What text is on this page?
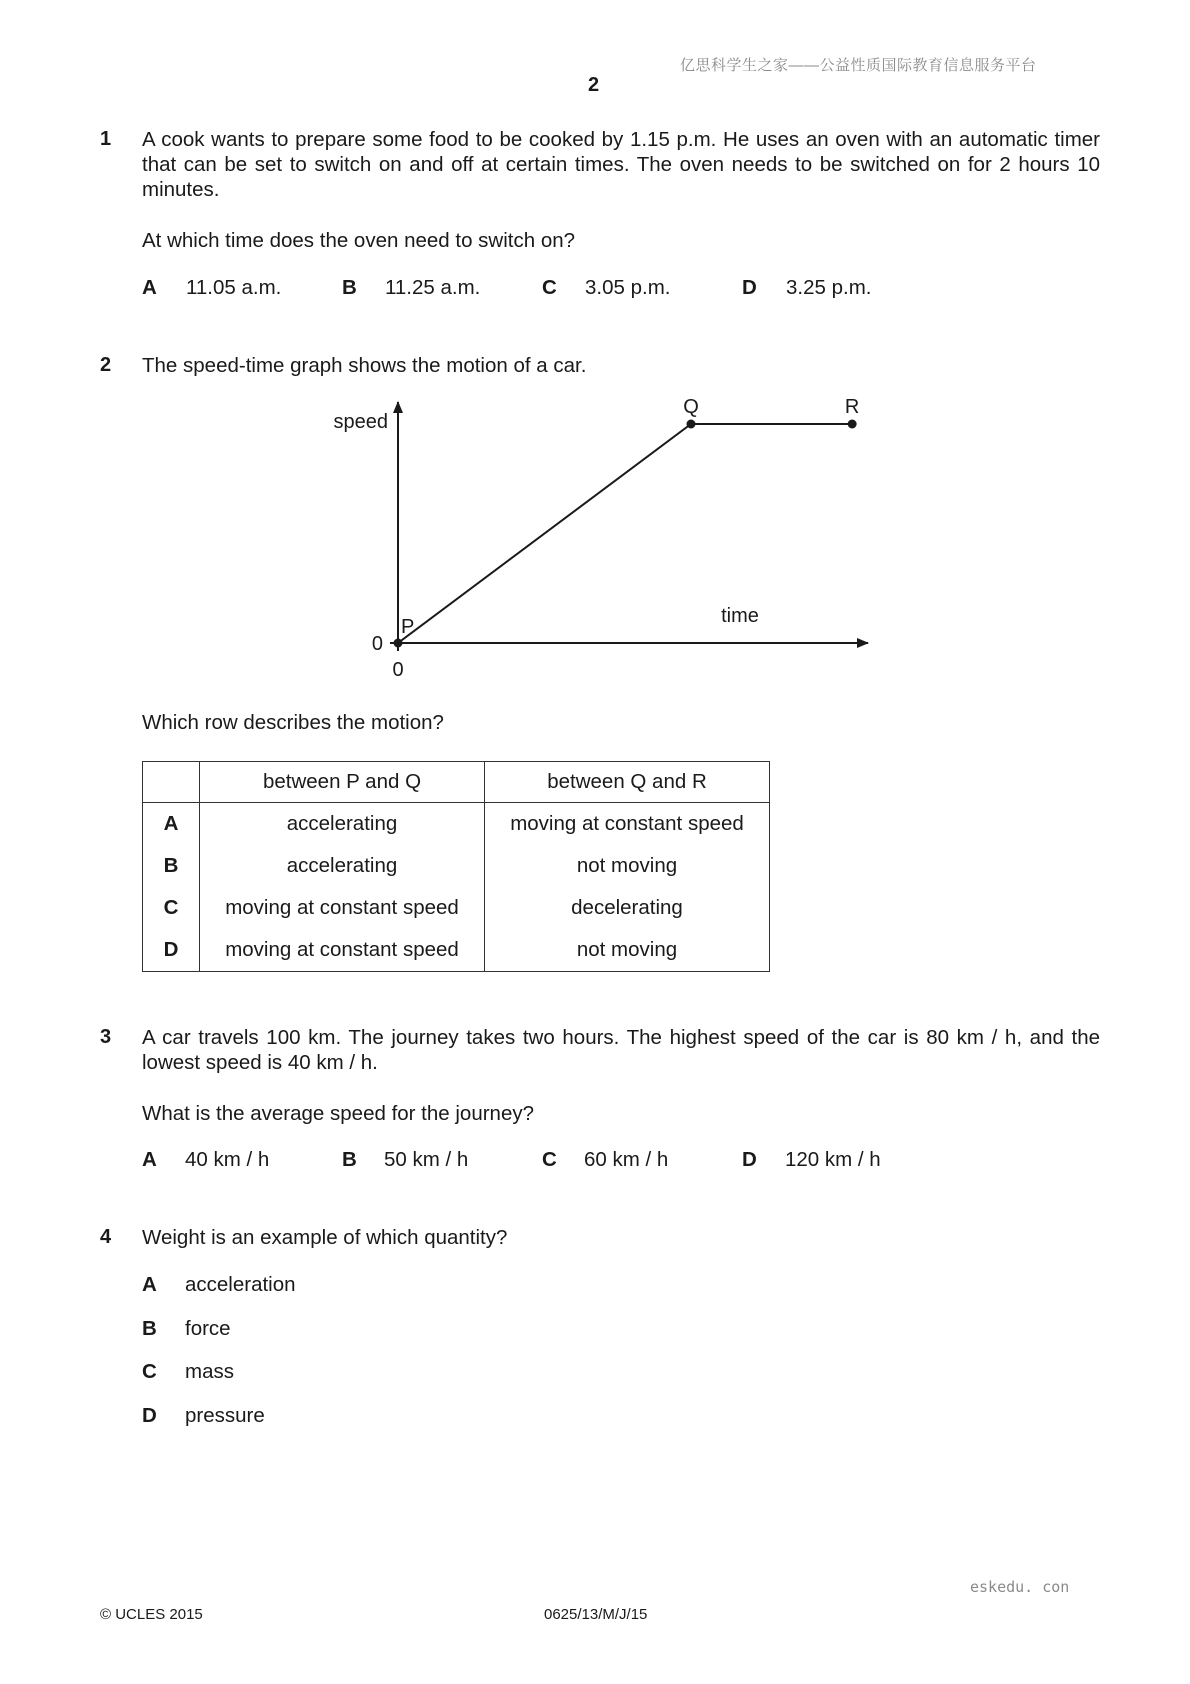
亿思科学生之家——公益性质国际教育信息服务平台
2
1 A cook wants to prepare some food to be cooked by 1.15 p.m. He uses an oven with an automatic timer that can be set to switch on and off at certain times. The oven needs to be switched on for 2 hours 10 minutes.
At which time does the oven need to switch on?
A 11.05 a.m.	B 11.25 a.m.	C 3.05 p.m.	D 3.25 p.m.
2 The speed-time graph shows the motion of a car.
P
Q	R
speed
time
0
0
Which row describes the motion?
	between P and Q	between Q and R
A	accelerating	moving at constant speed
B	accelerating	not moving
C	moving at constant speed	decelerating
D	moving at constant speed	not moving
3 A car travels 100 km. The journey takes two hours. The highest speed of the car is 80 km / h, and the lowest speed is 40 km / h.
What is the average speed for the journey?
A 40 km / h	B 50 km / h	C 60 km / h	D 120 km / h
4 Weight is an example of which quantity?
A acceleration
B force
C mass
D pressure
eskedu. con
© UCLES 2015	0625/13/M/J/15
